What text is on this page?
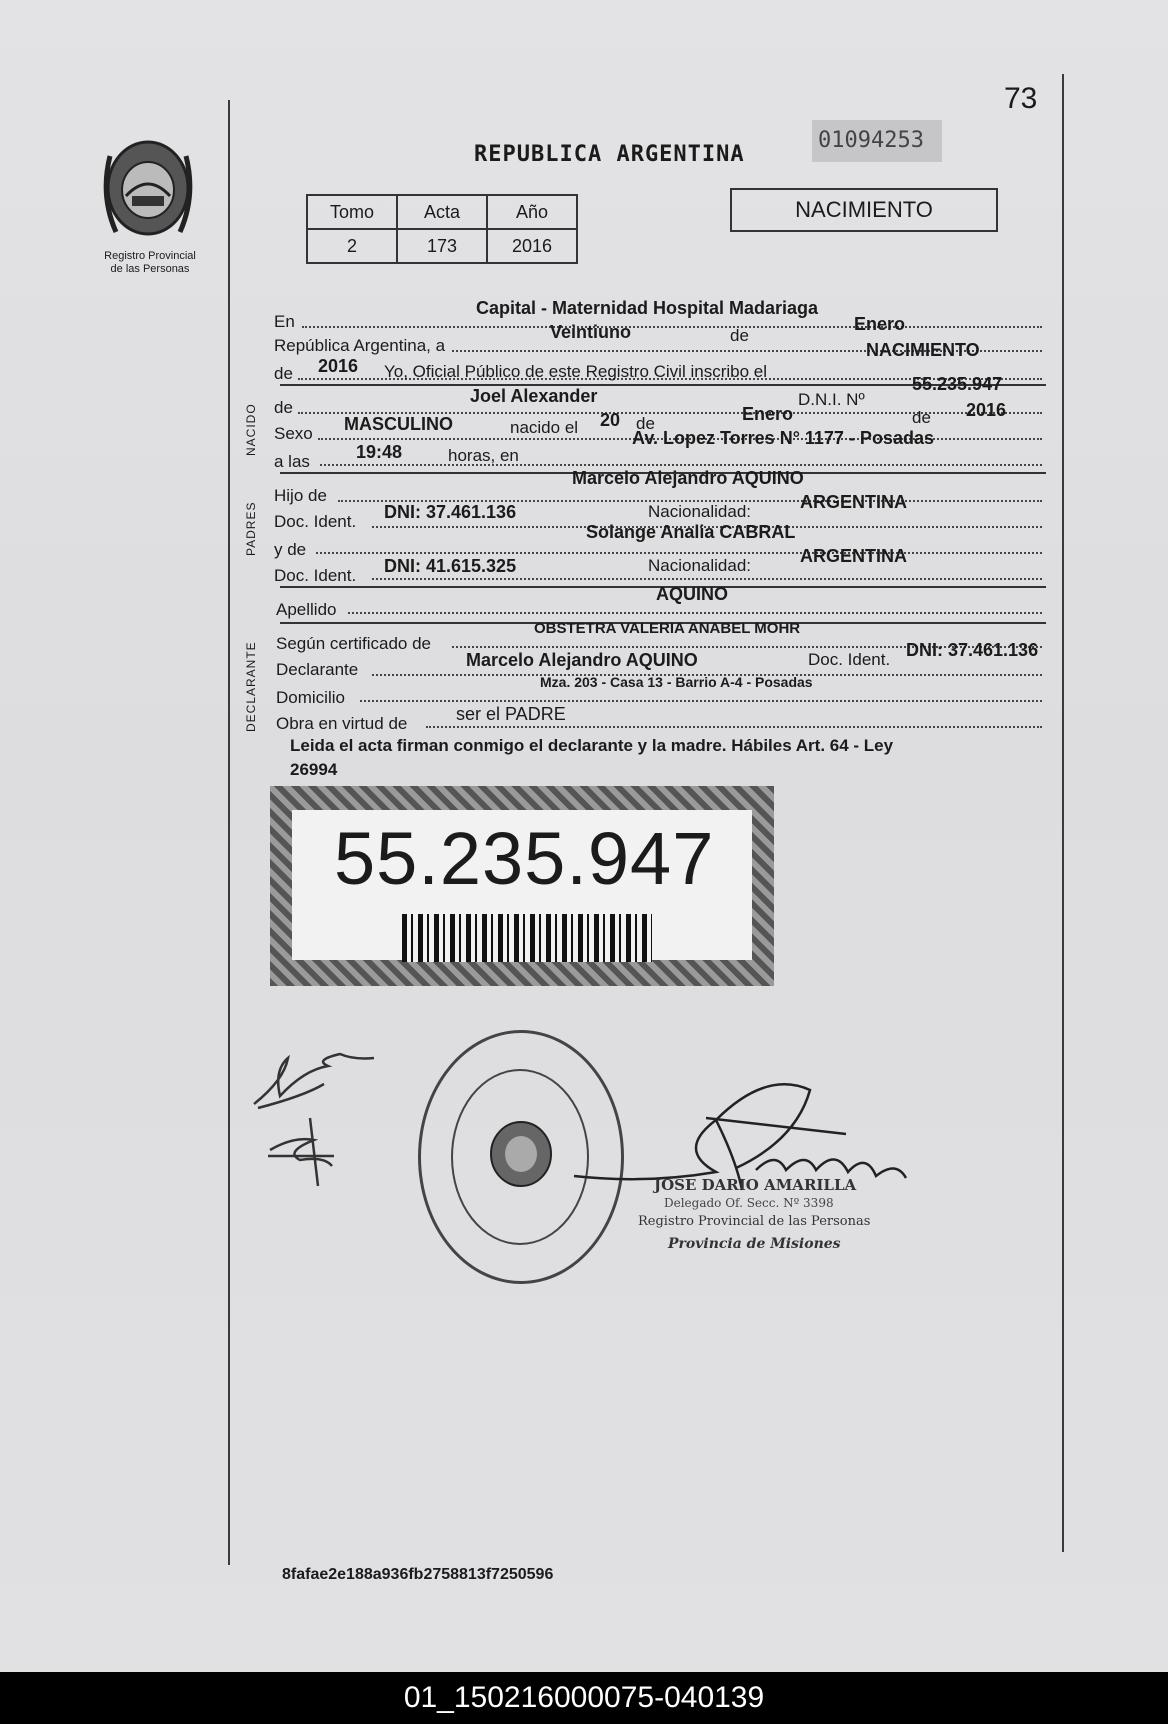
73
Registro Provincial
de las Personas
REPUBLICA ARGENTINA
01094253
NACIMIENTO
Tomo	Acta	Año
2	173	2016
En
Capital - Maternidad Hospital Madariaga
República Argentina, a
Veintiuno	de
Enero
de 2016 Yo, Oficial Público de este Registro Civil inscribo el
NACIMIENTO
NACIDO de
Joel Alexander	D.N.I. Nº
55.235.947
Sexo MASCULINO	nacido el 20 de	Enero	de 2016
a las	19:48	horas, en
Av. Lopez Torres N° 1177 - Posadas
PADRES
Hijo de
Marcelo Alejandro AQUINO
Doc. Ident. DNI: 37.461.136	Nacionalidad:	ARGENTINA
y de
Solange Analia CABRAL
Doc. Ident. DNI: 41.615.325	Nacionalidad:	ARGENTINA
Apellido
AQUINO
DECLARANTE Según certificado de
OBSTETRA VALERIA ANABEL MOHR
Declarante	Marcelo Alejandro AQUINO	Doc. Ident. DNI: 37.461.136
Domicilio
Mza. 203 - Casa 13 - Barrio A-4 - Posadas
Obra en virtud de	ser el PADRE
Leida el acta firman conmigo el declarante y la madre. Hábiles Art. 64 - Ley
26994
55.235.947
JOSE DARIO AMARILLA
Delegado Of. Secc. Nº 3398
Registro Provincial de las Personas
Provincia de Misiones
8fafae2e188a936fb2758813f7250596
01_150216000075-040139
